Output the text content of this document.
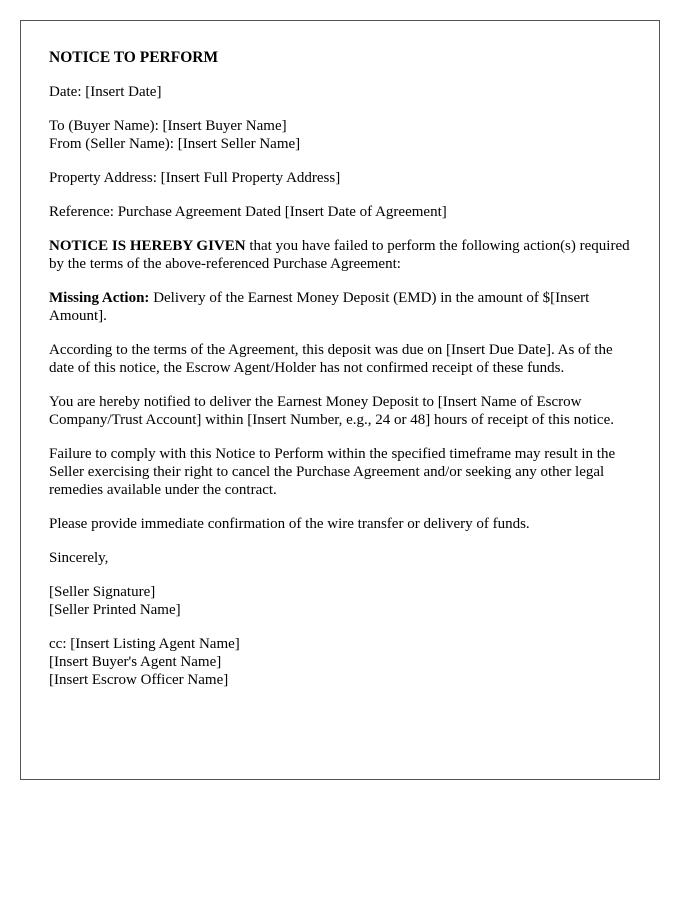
NOTICE TO PERFORM

Date: [Insert Date]

To (Buyer Name): [Insert Buyer Name]
From (Seller Name): [Insert Seller Name]

Property Address: [Insert Full Property Address]

Reference: Purchase Agreement Dated [Insert Date of Agreement]

NOTICE IS HEREBY GIVEN that you have failed to perform the following action(s) required by the terms of the above-referenced Purchase Agreement:

Missing Action: Delivery of the Earnest Money Deposit (EMD) in the amount of $[Insert Amount].

According to the terms of the Agreement, this deposit was due on [Insert Due Date]. As of the date of this notice, the Escrow Agent/Holder has not confirmed receipt of these funds.

You are hereby notified to deliver the Earnest Money Deposit to [Insert Name of Escrow Company/Trust Account] within [Insert Number, e.g., 24 or 48] hours of receipt of this notice.

Failure to comply with this Notice to Perform within the specified timeframe may result in the Seller exercising their right to cancel the Purchase Agreement and/or seeking any other legal remedies available under the contract.

Please provide immediate confirmation of the wire transfer or delivery of funds.

Sincerely,

[Seller Signature]
[Seller Printed Name]

cc: [Insert Listing Agent Name]
[Insert Buyer's Agent Name]
[Insert Escrow Officer Name]
